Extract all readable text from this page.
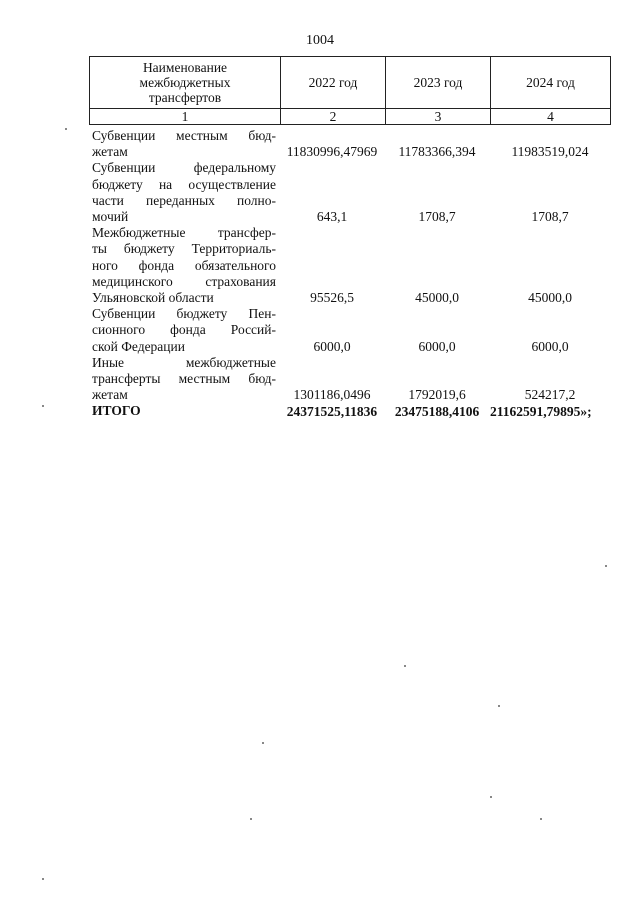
1004
Наименование
межбюджетных
трансфертов	2022 год	2023 год	2024 год
1	2	3	4
Субвенции местным бюд-
жетам	11830996,47969	11783366,394	11983519,024
Субвенции федеральному
бюджету на осуществление
части переданных полно-
мочий	643,1	1708,7	1708,7
Межбюджетные трансфер-
ты бюджету Территориаль-
ного фонда обязательного
медицинского страхования
Ульяновской области	95526,5	45000,0	45000,0
Субвенции бюджету Пен-
сионного фонда Россий-
ской Федерации	6000,0	6000,0	6000,0
Иные межбюджетные
трансферты местным бюд-
жетам	1301186,0496	1792019,6	524217,2
ИТОГО	24371525,11836	23475188,4106 21162591,79895»;
